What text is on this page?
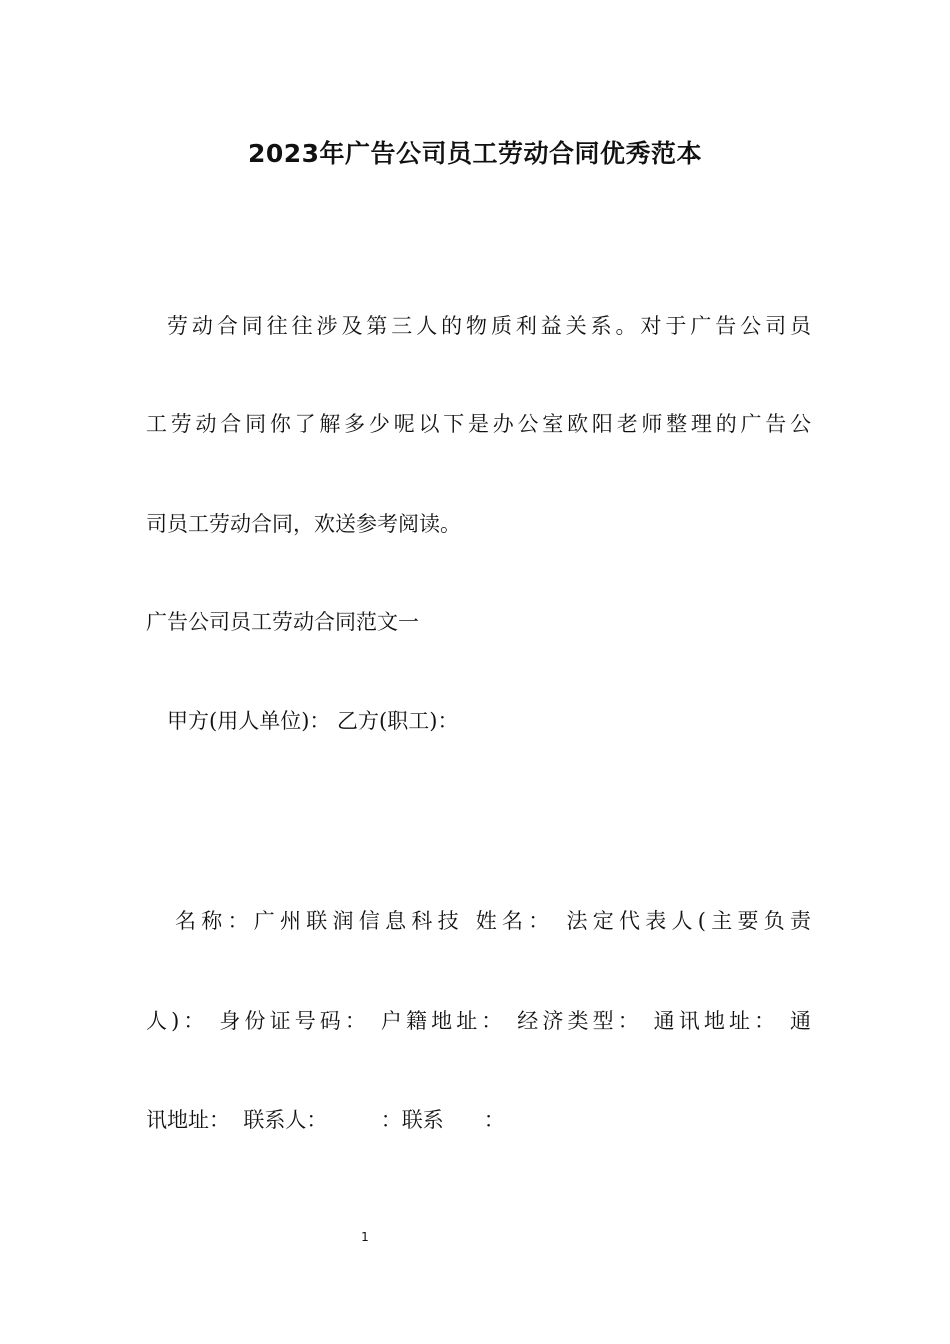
2023年广告公司员工劳动合同优秀范本

劳动合同往往涉及第三人的物质利益关系。对于广告公司员

工劳动合同你了解多少呢以下是办公室欧阳老师整理的广告公

司员工劳动合同，欢送参考阅读。

广告公司员工劳动合同范文一

甲方(用人单位)： 乙方(职工)：

名称：广州联润信息科技 姓名： 法定代表人(主要负责

人)： 身份证号码： 户籍地址： 经济类型： 通讯地址： 通

讯地址：  联系人：        ：联系      ：

1
